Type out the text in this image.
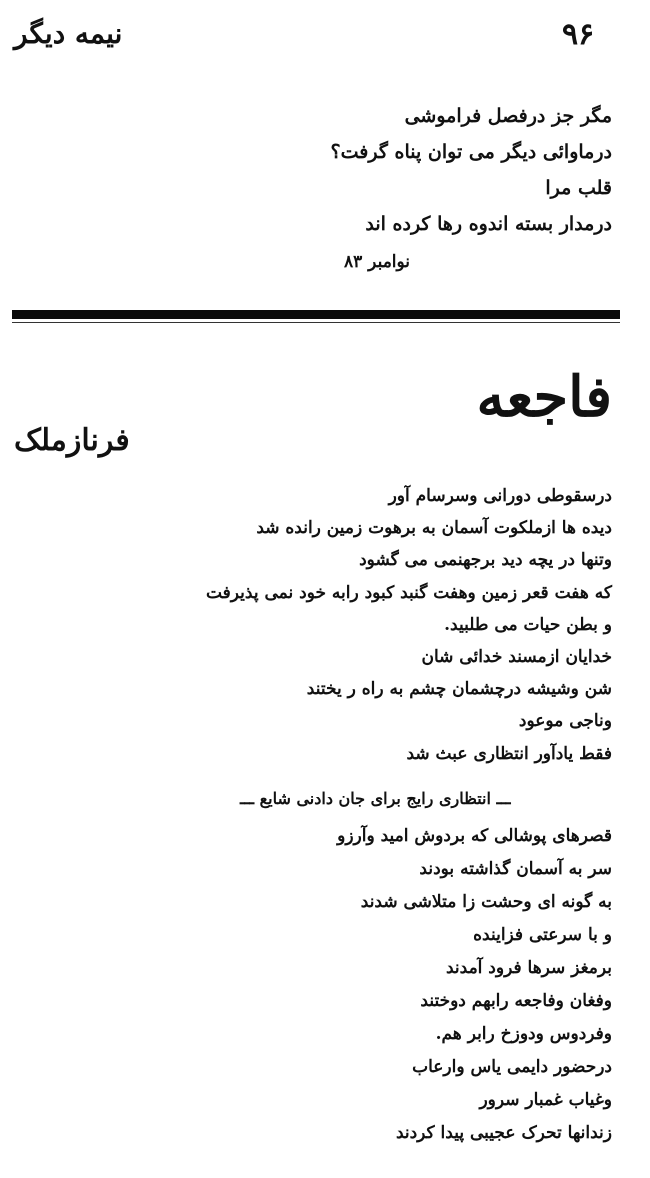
۹۶
نیمه دیگر
مگر جز درفصل فراموشی
درماوائی دیگر می توان پناه گرفت؟
قلب مرا
درمدار بسته اندوه رها کرده اند
نوامبر ۸۳
فاجعه
فرنازملک
درسقوطی دورانی وسرسام آور
دیده ها ازملکوت آسمان به برهوت زمین رانده شد
وتنها در یچه دید برجهنمی می گشود
که هفت قعر زمین وهفت گنبد کبود رابه خود نمی پذیرفت
و بطن حیات می طلبید.
خدایان ازمسند خدائی شان
شن وشیشه درچشمان چشم به راه ر یختند
وناجی موعود
فقط یادآور انتظاری عبث شد
ـــ انتظاری رایج برای جان دادنی شایع ـــ
قصرهای پوشالی که بردوش امید وآرزو
سر به آسمان گذاشته بودند
به گونه ای وحشت زا متلاشی شدند
و با سرعتی فزاینده
برمغز سرها فرود آمدند
وفغان وفاجعه رابهم دوختند
وفردوس ودوزخ رابر هم.
درحضور دایمی یاس وارعاب
وغیاب غمبار سرور
زندانها تحرک عجیبی پیدا کردند
